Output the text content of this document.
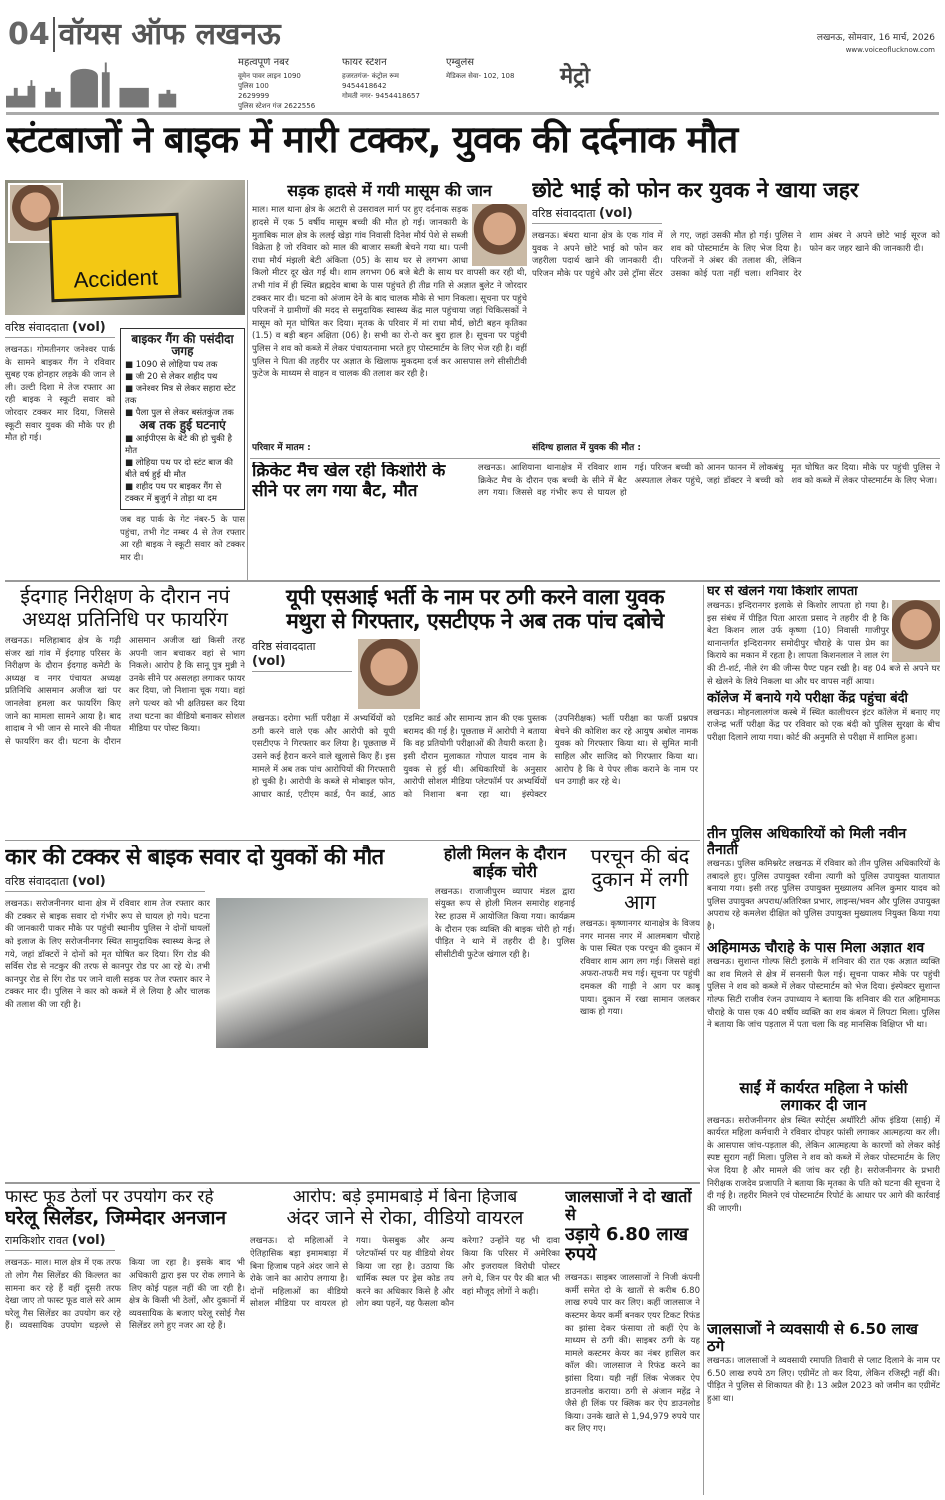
04 वॉयस ऑफ लखनऊ	लखनऊ, सोमवार, 16 मार्च, 2026
www.voiceoflucknow.com
महत्वपूर्ण नंबर
वूमेन पावर लाइन 1090
पुलिस 100
2629999
पुलिस स्टेशन गंज 2622556
फायर स्टेशन
हजरतगंज- कंट्रोल रूम
9454418642
गोमती नगर- 9454418657
एम्बुलेंस
मेडिकल सेवा- 102, 108	मेट्रो
स्टंटबाजों ने बाइक में मारी टक्कर, युवक की दर्दनाक मौत
Accident
वरिष्ठ संवाददाता (vol)
लखनऊ। गोमतीनगर जनेश्वर पार्क के सामने बाइकर गैंग ने रविवार सुबह एक होनहार लड़के की जान ले ली। उल्टी दिशा मे तेज रफ्तार आ रही बाइक ने स्कूटी सवार को जोरदार टक्कर मार दिया, जिससे स्कूटी सवार युवक की मौके पर ही मौत हो गई।
बाइकर गैंग की पसंदीदा जगह
■ 1090 से लोहिया पथ तक
■ जी 20 से लेकर शहीद पथ
■ जनेश्वर मित्र से लेकर सहारा स्टेट तक
■ पैला पुल से लेकर बसंतकुंज तक
अब तक हुई घटनाएं
■ आईपीएस के बेटे की हो चुकी है मौत
■ लोहिया पथ पर दो स्टंट बाज की बीते वर्ष हुई थी मौत
■ शहीद पथ पर बाइकर गैंग से टक्कर में बुजुर्ग ने तोड़ा था दम
जब वह पार्क के गेट नंबर-5 के पास पहुंचा, तभी गेट नम्बर 4 से तेज रफ्तार आ रही बाइक ने स्कूटी सवार को टक्कर मार दी।
सड़क हादसे में गयी मासूम की जान
माल। माल थाना क्षेत्र के अटारी से उसरावल मार्ग पर हुए दर्दनाक सड़क हादसे में एक 5 वर्षीय मासूम बच्ची की मौत हो गई। जानकारी के मुताबिक माल क्षेत्र के ललई खेड़ा गांव निवासी दिनेश मौर्य पेशे से सब्जी विक्रेता है जो रविवार को माल की बाजार सब्जी बेचने गया था। पत्नी राधा मौर्य मंझली बेटी अंकिता (05) के साथ घर से लगभग आधा किलो मीटर दूर खेत गई थी। शाम लगभग 06 बजे बेटी के साथ घर वापसी कर रही थी, तभी गांव में ही स्थित ब्रह्मदेव बाबा के पास पहुंचते ही तीव्र गति से अज्ञात बुलेट ने जोरदार टक्कर मार दी। घटना को अंजाम देने के बाद चालक मौके से भाग निकला। सूचना पर पहुंचे परिजनों ने ग्रामीणों की मदद से समुदायिक स्वास्थ्य केंद्र माल पहुंचाया जहां चिकित्सकों ने मासूम को मृत घोषित कर दिया। मृतक के परिवार में मां राधा मौर्य, छोटी बहन कृतिका (1.5) व बड़ी बहन अक्षिता (06) है। सभी का रो-रो कर बुरा हाल है। सूचना पर पहुंची पुलिस ने शव को कब्जे में लेकर पंचायतनामा भरते हुए पोस्टमार्टम के लिए भेज रही है। वहीं पुलिस ने पिता की तहरीर पर अज्ञात के खिलाफ मुकदमा दर्ज कर आसपास लगे सीसीटीवी फुटेज के माध्यम से वाहन व चालक की तलाश कर रही है।
परिवार में मातम :
छोटे भाई को फोन कर युवक ने खाया जहर
वरिष्ठ संवाददाता (vol)
लखनऊ। बंथरा थाना क्षेत्र के एक गांव में युवक ने अपने छोटे भाई को फोन कर जहरीला पदार्थ खाने की जानकारी दी। परिजन मौके पर पहुंचे और उसे ट्रॉमा सेंटर ले गए, जहां उसकी मौत हो गई। पुलिस ने शव को पोस्टमार्टम के लिए भेज दिया है। परिजनों ने अंबर की तलाश की, लेकिन उसका कोई पता नहीं चला। शनिवार देर शाम अंबर ने अपने छोटे भाई सूरज को फोन कर जहर खाने की जानकारी दी।
संदिग्ध हालात में युवक की मौत :
क्रिकेट मैच खेल रही किशोरी के सीने पर लग गया बैट, मौत
लखनऊ। आशियाना थानाक्षेत्र में रविवार शाम क्रिकेट मैच के दौरान एक बच्ची के सीने में बैट लग गया। जिससे वह गंभीर रूप से घायल हो गई। परिजन बच्ची को आनन फानन में लोकबंधु अस्पताल लेकर पहुंचे, जहां डॉक्टर ने बच्ची को मृत घोषित कर दिया। मौके पर पहुंची पुलिस ने शव को कब्जे में लेकर पोस्टमार्टम के लिए भेजा।
ईदगाह निरीक्षण के दौरान नपं अध्यक्ष प्रतिनिधि पर फायरिंग
लखनऊ। मलिहाबाद क्षेत्र के गढ़ी संजर खां गांव में ईदगाह परिसर के निरीक्षण के दौरान ईदगाह कमेटी के अध्यक्ष व नगर पंचायत अध्यक्ष प्रतिनिधि आसमान अजीज खां पर जानलेवा हमला कर फायरिंग किए जाने का मामला सामने आया है। बाद शादाब ने भी जान से मारने की नीयत से फायरिंग कर दी। घटना के दौरान आसमान अजीज खां किसी तरह अपनी जान बचाकर वहां से भाग निकले। आरोप है कि सानू पुत्र मुन्नी ने उनके सीने पर असलहा लगाकर फायर कर दिया, जो निशाना चूक गया। वहां लगे पत्थर को भी क्षतिग्रस्त कर दिया तथा घटना का वीडियो बनाकर सोशल मीडिया पर पोस्ट किया।
यूपी एसआई भर्ती के नाम पर ठगी करने वाला युवक
मथुरा से गिरफ्तार, एसटीएफ ने अब तक पांच दबोचे
वरिष्ठ संवाददाता (vol)
लखनऊ। दरोगा भर्ती परीक्षा में अभ्यर्थियों को ठगी करने वाले एक और आरोपी को यूपी एसटीएफ ने गिरफ्तार कर लिया है। पूछताछ में उसने कई हैरान करने वाले खुलासे किए हैं। इस मामले में अब तक पांच आरोपियों की गिरफ्तारी हो चुकी है। आरोपी के कब्जे से मोबाइल फोन, आधार कार्ड, एटीएम कार्ड, पैन कार्ड, आठ एडमिट कार्ड और सामान्य ज्ञान की एक पुस्तक बरामद की गई है। पूछताछ में आरोपी ने बताया कि वह प्रतियोगी परीक्षाओं की तैयारी करता है। इसी दौरान मुलाकात गोपाल यादव नाम के युवक से हुई थी। अधिकारियों के अनुसार आरोपी सोशल मीडिया प्लेटफॉर्म पर अभ्यर्थियों को निशाना बना रहा था। इंस्पेक्टर (उपनिरीक्षक) भर्ती परीक्षा का फर्जी प्रश्नपत्र बेचने की कोशिश कर रहे आयुष अबोल नामक युवक को गिरफ्तार किया था। से सुमित मानी साहिल और साजिद को गिरफ्तार किया था। आरोप है कि वे पेपर लीक कराने के नाम पर धन उगाही कर रहे थे।
घर से खेलने गया किशोर लापता
लखनऊ। इन्दिरानगर इलाके से किशोर लापता हो गया है। इस संबंध में पीड़ित पिता आरता प्रसाद ने तहरीर दी है कि बेटा किशन लाल उर्फ कृष्णा (10) निवासी गाजीपुर थानान्तर्गत इन्दिरानगर समोदीपुर चौराहे के पास प्रेम का किराये का मकान में रहता है। लापता किशनलाल ने लाल रंग की टी-शर्ट, नीले रंग की जीन्स पैण्ट पहन रखी है। वह 04 बजे से अपने घर से खेलने के लिये निकला था और घर वापस नहीं आया।
कॉलेज में बनाये गये परीक्षा केंद्र पहुंचा बंदी
लखनऊ। मोहनलालगंज कस्बे में स्थित कालीचरन इंटर कॉलेज में बनाए गए राजेन्द्र भर्ती परीक्षा केंद्र पर रविवार को एक बंदी को पुलिस सुरक्षा के बीच परीक्षा दिलाने लाया गया। कोर्ट की अनुमति से परीक्षा में शामिल हुआ।
तीन पुलिस अधिकारियों को मिली नवीन तैनाती
लखनऊ। पुलिस कमिश्नरेट लखनऊ में रविवार को तीन पुलिस अधिकारियों के तबादले हुए। पुलिस उपायुक्त रवीना त्यागी को पुलिस उपायुक्त यातायात बनाया गया। इसी तरह पुलिस उपायुक्त मुख्यालय अनिल कुमार यादव को पुलिस उपायुक्त अपराध/अतिरिक्त प्रभार, लाइन्स/भवन और पुलिस उपायुक्त अपराध रहे कमलेश दीक्षित को पुलिस उपायुक्त मुख्यालय नियुक्त किया गया है।
अहिमामऊ चौराहे के पास मिला अज्ञात शव
लखनऊ। सुशान्त गोल्फ सिटी इलाके में शनिवार की रात एक अज्ञात व्यक्ति का शव मिलने से क्षेत्र में सनसनी फैल गई। सूचना पाकर मौके पर पहुंची पुलिस ने शव को कब्जे में लेकर पोस्टमार्टम को भेज दिया। इंस्पेक्टर सुशान्त गोल्फ सिटी राजीव रंजन उपाध्याय ने बताया कि शनिवार की रात अहिमामऊ चौराहे के पास एक 40 वर्षीय व्यक्ति का शव कंबल में लिपटा मिला। पुलिस ने बताया कि जांच पड़ताल में पता चला कि वह मानसिक विक्षिप्त भी था।
साईं में कार्यरत महिला ने फांसी
लगाकर दी जान
लखनऊ। सरोजनीनगर क्षेत्र स्थित स्पोर्ट्स अथॉरिटी ऑफ इंडिया (साई) में कार्यरत महिला कर्मचारी ने रविवार दोपहर फांसी लगाकर आत्महत्या कर ली। के आसपास जांच-पड़ताल की, लेकिन आत्महत्या के कारणों को लेकर कोई स्पष्ट सुराग नहीं मिला। पुलिस ने शव को कब्जे में लेकर पोस्टमार्टम के लिए भेज दिया है और मामले की जांच कर रही है। सरोजनीनगर के प्रभारी निरीक्षक राजदेव प्रजापति ने बताया कि मृतका के पति को घटना की सूचना दे दी गई है। तहरीर मिलने एवं पोस्टमार्टम रिपोर्ट के आधार पर आगे की कार्रवाई की जाएगी।
जालसाजों ने व्यवसायी से 6.50 लाख ठगे
लखनऊ। जालसाजों ने व्यवसायी रमापति तिवारी से प्लाट दिलाने के नाम पर 6.50 लाख रुपये ठग लिए। एग्रीमेंट तो कर दिया, लेकिन रजिस्ट्री नहीं की। पीड़ित ने पुलिस से शिकायत की है। 13 अप्रैल 2023 को जमीन का एग्रीमेंट हुआ था।
कार की टक्कर से बाइक सवार दो युवकों की मौत
वरिष्ठ संवाददाता (vol)
लखनऊ। सरोजनीनगर थाना क्षेत्र में रविवार शाम तेज रफ्तार कार की टक्कर से बाइक सवार दो गंभीर रूप से घायल हो गये। घटना की जानकारी पाकर मौके पर पहुंची स्थानीय पुलिस ने दोनों घायलों को इलाज के लिए सरोजनीनगर स्थित सामुदायिक स्वास्थ्य केन्द्र ले गये, जहां डॉक्टरों ने दोनों को मृत घोषित कर दिया। रिंग रोड की सर्विस रोड से नटकुर की तरफ से कानपुर रोड पर आ रहे थे। तभी कानपुर रोड से रिंग रोड पर जाने वाली सड़क पर तेज रफ्तार कार ने टक्कर मार दी। पुलिस ने कार को कब्जे में ले लिया है और चालक की तलाश की जा रही है।
होली मिलन के दौरान बाईक चोरी
लखनऊ। राजाजीपुरम व्यापार मंडल द्वारा संयुक्त रूप से होली मिलन समारोह शहनाई रेस्ट हाउस में आयोजित किया गया। कार्यक्रम के दौरान एक व्यक्ति की बाइक चोरी हो गई। पीड़ित ने थाने में तहरीर दी है। पुलिस सीसीटीवी फुटेज खंगाल रही है।
परचून की बंद दुकान में लगी आग
लखनऊ। कृष्णानगर थानाक्षेत्र के विजय नगर मानस नगर में आलमबाग चौराहे के पास स्थित एक परचून की दुकान में रविवार शाम आग लग गई। जिससे वहां अफरा-तफरी मच गई। सूचना पर पहुंची दमकल की गाड़ी ने आग पर काबू पाया। दुकान में रखा सामान जलकर खाक हो गया।
फास्ट फूड ठेलों पर उपयोग कर रहे
घरेलू सिलेंडर, जिम्मेदार अनजान
रामकिशोर रावत (vol)
लखनऊ- माल। माल क्षेत्र में एक तरफ तो लोग गैस सिलेंडर की किल्लत का सामना कर रहे हैं वहीं दूसरी तरफ देखा जाए तो फास्ट फूड वाले सरे आम घरेलू गैस सिलेंडर का उपयोग कर रहे हैं। व्यवसायिक उपयोग धड़ल्ले से किया जा रहा है। इसके बाद भी अधिकारी द्वारा इस पर रोक लगाने के लिए कोई पहल नहीं की जा रही है। क्षेत्र के किसी भी ठेलों, और दुकानों में व्यवसायिक के बजाए घरेलू रसोई गैस सिलेंडर लगे हुए नजर आ रहे हैं।
आरोप: बड़े इमामबाड़े में बिना हिजाब
अंदर जाने से रोका, वीडियो वायरल
लखनऊ। दो महिलाओं ने ऐतिहासिक बड़ा इमामबाड़ा में बिना हिजाब पहने अंदर जाने से रोके जाने का आरोप लगाया है। दोनों महिलाओं का वीडियो सोशल मीडिया पर वायरल हो गया। फेसबुक और अन्य प्लेटफॉर्म्स पर यह वीडियो शेयर किया जा रहा है। उठाया कि धार्मिक स्थल पर ड्रेस कोड तय करने का अधिकार किसे है और लोग क्या पहनें, यह फैसला कौन करेगा? उन्होंने यह भी दावा किया कि परिसर में अमेरिका और इजरायल विरोधी पोस्टर लगे थे, जिन पर पैर की बात भी वहां मौजूद लोगों ने कही।
जालसाजों ने दो खातों से
उड़ाये 6.80 लाख रुपये
लखनऊ। साइबर जालसाजों ने निजी कंपनी कर्मी समेत दो के खातों से करीब 6.80 लाख रुपये पार कर लिए। कहीं जालसाज ने कस्टमर केयर कर्मी बनकर एयर टिकट रिफंड का झांसा देकर फंसाया तो कहीं ऐप के माध्यम से ठगी की। साइबर ठगी के यह मामले कस्टमर केयर का नंबर हासिल कर कॉल की। जालसाज ने रिफंड करने का झांसा दिया। यही नहीं लिंक भेजकर ऐप डाउनलोड कराया। ठगी से अंजान महेंद्र ने जैसे ही लिंक पर क्लिक कर ऐप डाउनलोड किया। उनके खाते से 1,94,979 रुपये पार कर लिए गए।
